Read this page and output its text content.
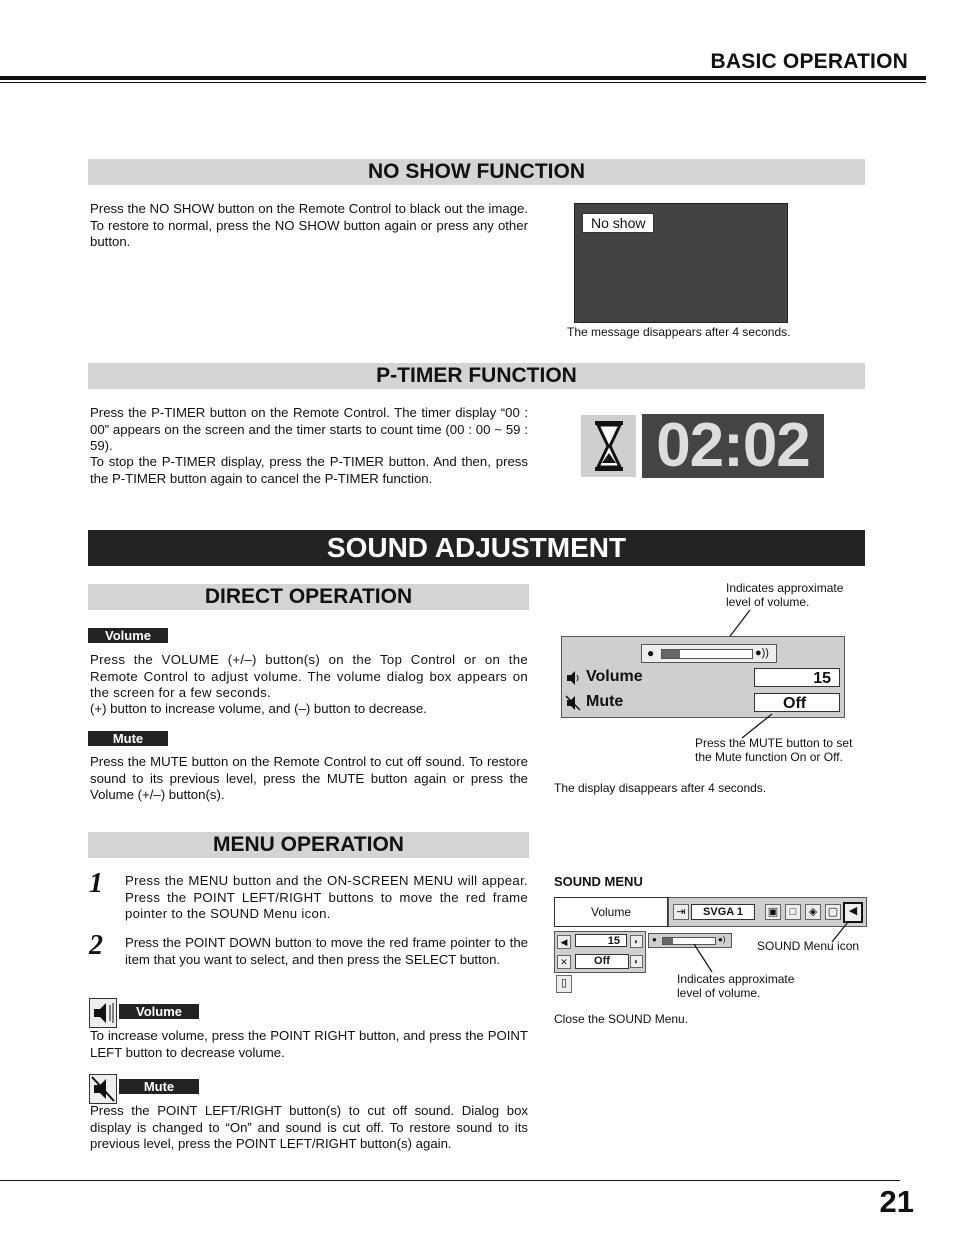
BASIC OPERATION
NO SHOW FUNCTION
Press the NO SHOW button on the Remote Control to black out the image. To restore to normal, press the NO SHOW button again or press any other button.
No show
The message disappears after 4 seconds.
P-TIMER FUNCTION
Press the P-TIMER button on the Remote Control. The timer display “00 : 00” appears on the screen and the timer starts to count time (00 : 00 ~ 59 : 59).
To stop the P-TIMER display, press the P-TIMER button. And then, press the P-TIMER button again to cancel the P-TIMER function.	02:02
SOUND ADJUSTMENT
DIRECT OPERATION
Volume
Press the VOLUME (+/–) button(s) on the Top Control or on the Remote Control to adjust volume. The volume dialog box appears on the screen for a few seconds.
(+) button to increase volume, and (–) button to decrease.
Mute
Press the MUTE button on the Remote Control to cut off sound. To restore sound to its previous level, press the MUTE button again or press the Volume (+/–) button(s).
Indicates approximate
level of volume.
●	●))
Volume	15
Mute	Off
Press the MUTE button to set
the Mute function On or Off.
The display disappears after 4 seconds.
MENU OPERATION
1 Press the MENU button and the ON-SCREEN MENU will appear. Press the POINT LEFT/RIGHT buttons to move the red frame pointer to the SOUND Menu icon.
2 Press the POINT DOWN button to move the red frame pointer to the item that you want to select, and then press the SELECT button.
Volume
To increase volume, press the POINT RIGHT button, and press the POINT LEFT button to decrease volume.
Mute
Press the POINT LEFT/RIGHT button(s) to cut off sound. Dialog box display is changed to “On” and sound is cut off. To restore sound to its previous level, press the POINT LEFT/RIGHT button(s) again.
SOUND MENU
Volume	⇥	SVGA 1	▣	□	◈ ▢ ◀
SOUND Menu icon
◀	15	◐
✕	Off	◐
●	●)
▯	Indicates approximate
level of volume.
Close the SOUND Menu.
21
